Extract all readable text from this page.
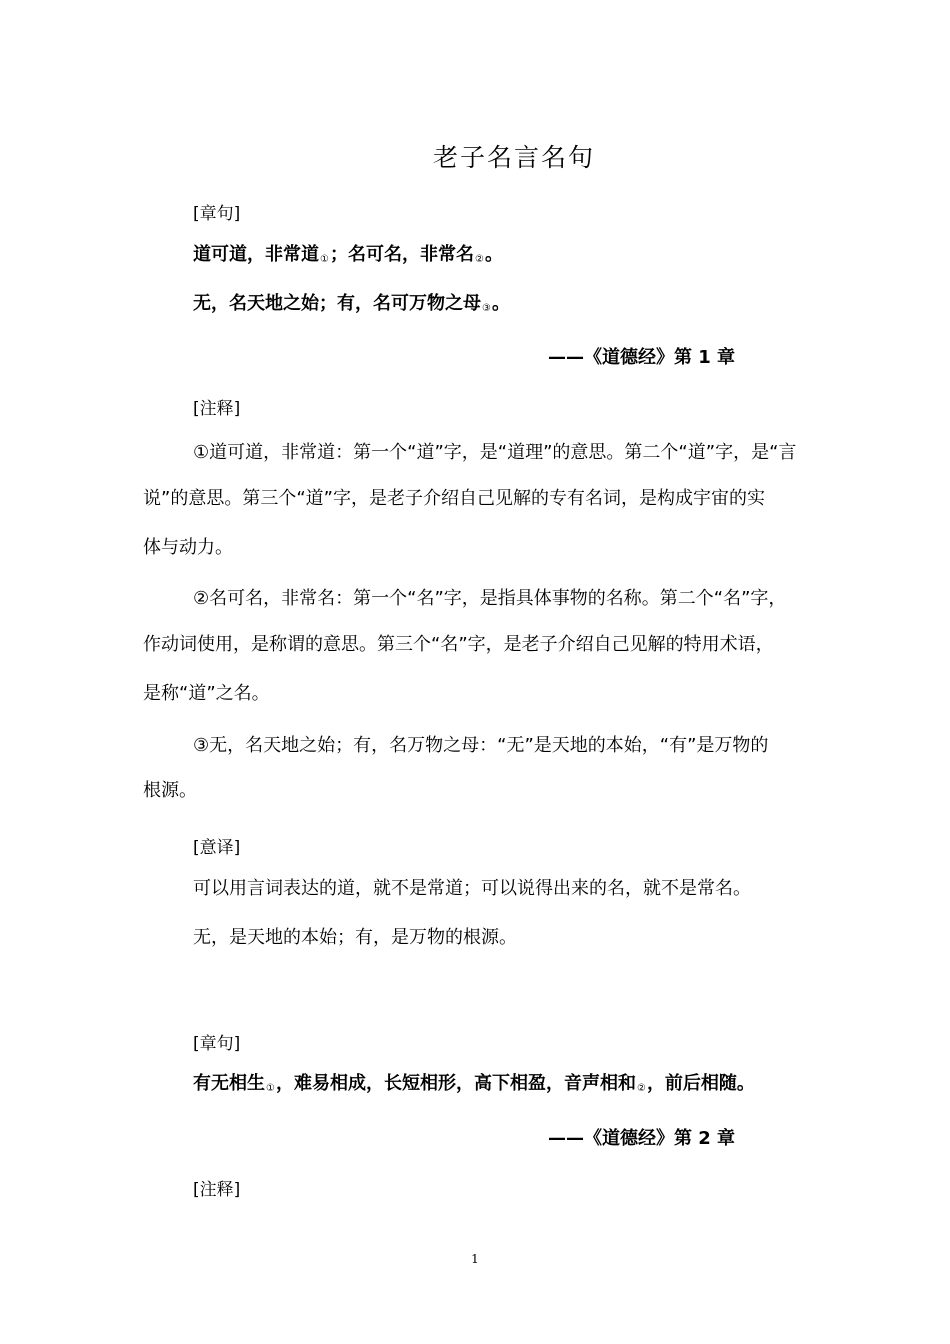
老子名言名句
[章句]
道可道，非常道$_①$；名可名，非常名$_②$。
无，名天地之始；有，名可万物之母$_③$。
——《道德经》第 1 章
[注释]
①道可道，非常道：第一个“道”字，是“道理”的意思。第二个“道”字，是“言
说”的意思。第三个“道”字，是老子介绍自己见解的专有名词，是构成宇宙的实
体与动力。
②名可名，非常名：第一个“名”字，是指具体事物的名称。第二个“名”字，
作动词使用，是称谓的意思。第三个“名”字，是老子介绍自己见解的特用术语，
是称“道”之名。
③无，名天地之始；有，名万物之母：“无”是天地的本始，“有”是万物的
根源。
[意译]
可以用言词表达的道，就不是常道；可以说得出来的名，就不是常名。
无，是天地的本始；有，是万物的根源。
[章句]
有无相生$_①$，难易相成，长短相形，高下相盈，音声相和$_②$，前后相随。
——《道德经》第 2 章
[注释]
1
